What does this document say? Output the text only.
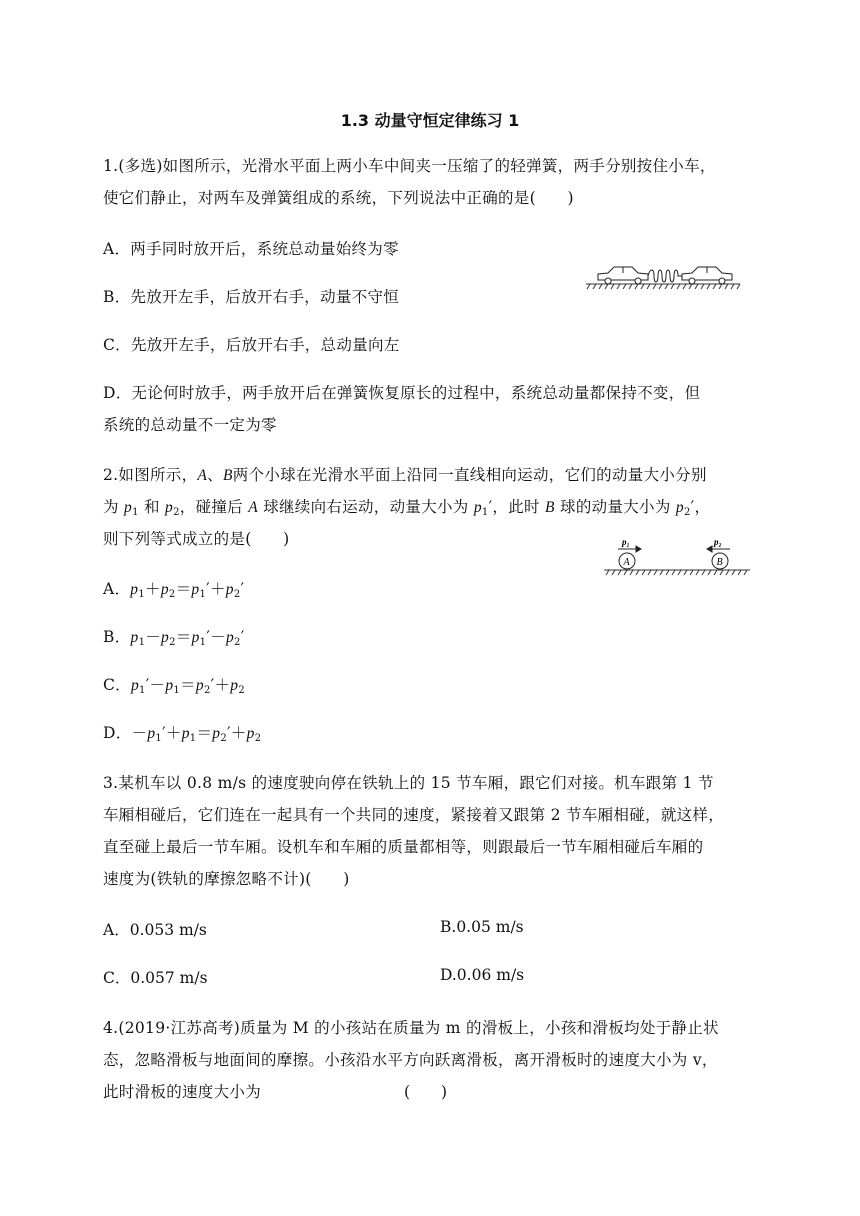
1.3 动量守恒定律练习 1
1.(多选)如图所示，光滑水平面上两小车中间夹一压缩了的轻弹簧，两手分别按住小车，
使它们静止，对两车及弹簧组成的系统，下列说法中正确的是(　　)
A．两手同时放开后，系统总动量始终为零
B．先放开左手，后放开右手，动量不守恒
C．先放开左手，后放开右手，总动量向左
D．无论何时放手，两手放开后在弹簧恢复原长的过程中，系统总动量都保持不变，但
系统的总动量不一定为零
2.如图所示，A、B两个小球在光滑水平面上沿同一直线相向运动，它们的动量大小分别
为 $p_1$ 和 $p_2$，碰撞后 A 球继续向右运动，动量大小为 $p_1'$，此时 B 球的动量大小为 $p_2'$，
则下列等式成立的是(　　)	p₁	p₂
A	B
A．$p_1+p_2=p_1'+p_2'$
B．$p_1-p_2=p_1'-p_2'$
C．$p_1'-p_1=p_2'+p_2$
D．$-p_1'+p_1=p_2'+p_2$
3.某机车以 0.8 m/s 的速度驶向停在铁轨上的 15 节车厢，跟它们对接。机车跟第 1 节
车厢相碰后，它们连在一起具有一个共同的速度，紧接着又跟第 2 节车厢相碰，就这样，
直至碰上最后一节车厢。设机车和车厢的质量都相等，则跟最后一节车厢相碰后车厢的
速度为(铁轨的摩擦忽略不计)(　　)
A．0.053 m/s	B.0.05 m/s
C．0.057 m/s	D.0.06 m/s
4.(2019·江苏高考)质量为 M 的小孩站在质量为 m 的滑板上，小孩和滑板均处于静止状
态，忽略滑板与地面间的摩擦。小孩沿水平方向跃离滑板，离开滑板时的速度大小为 v，
此时滑板的速度大小为	(　　)
